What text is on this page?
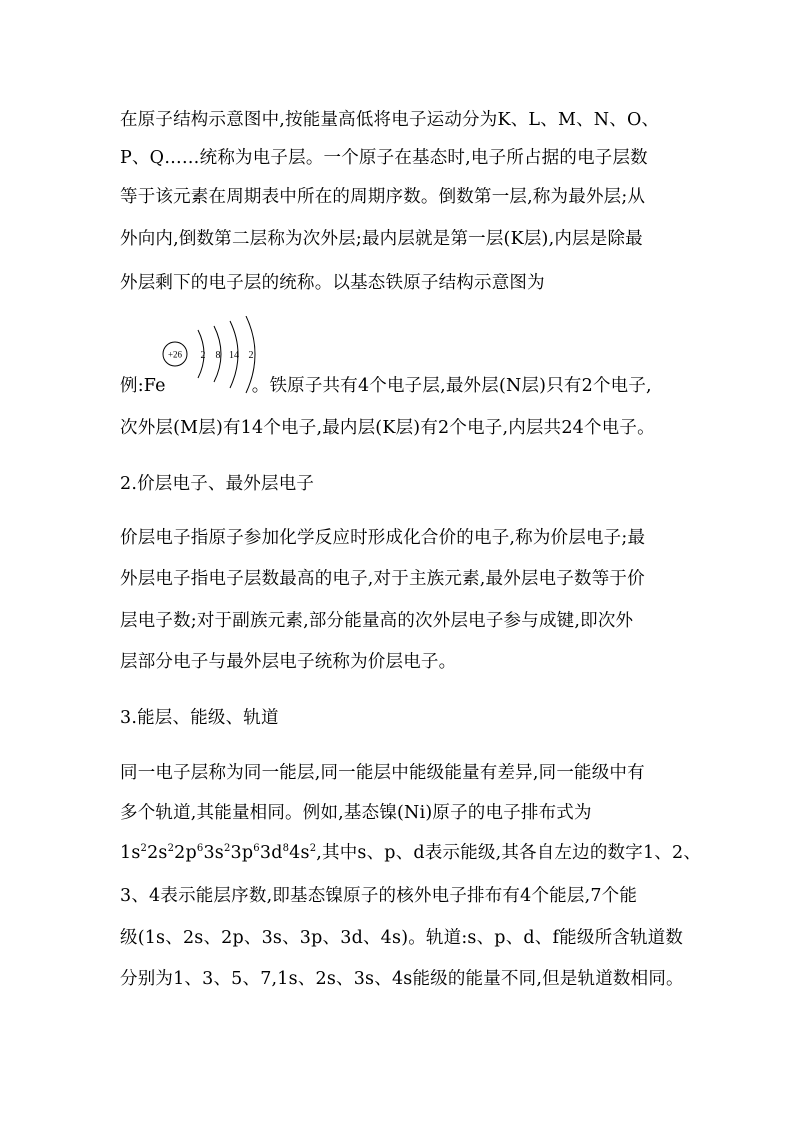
在原子结构示意图中,按能量高低将电子运动分为K、L、M、N、O、
P、Q……统称为电子层。一个原子在基态时,电子所占据的电子层数
等于该元素在周期表中所在的周期序数。倒数第一层,称为最外层;从
外向内,倒数第二层称为次外层;最内层就是第一层(K层),内层是除最
外层剩下的电子层的统称。以基态铁原子结构示意图为
+26 2 8 14 2
例:Fe	。铁原子共有4个电子层,最外层(N层)只有2个电子,
次外层(M层)有14个电子,最内层(K层)有2个电子,内层共24个电子。
2.价层电子、最外层电子
价层电子指原子参加化学反应时形成化合价的电子,称为价层电子;最
外层电子指电子层数最高的电子,对于主族元素,最外层电子数等于价
层电子数;对于副族元素,部分能量高的次外层电子参与成键,即次外
层部分电子与最外层电子统称为价层电子。
3.能层、能级、轨道
同一电子层称为同一能层,同一能层中能级能量有差异,同一能级中有
多个轨道,其能量相同。例如,基态镍(Ni)原子的电子排布式为
$1s^22s^22p^63s^23p^63d^84s^2$,其中s、p、d表示能级,其各自左边的数字1、2、
3、4表示能层序数,即基态镍原子的核外电子排布有4个能层,7个能
级(1s、2s、2p、3s、3p、3d、4s)。轨道:s、p、d、f能级所含轨道数
分别为1、3、5、7,1s、2s、3s、4s能级的能量不同,但是轨道数相同。
